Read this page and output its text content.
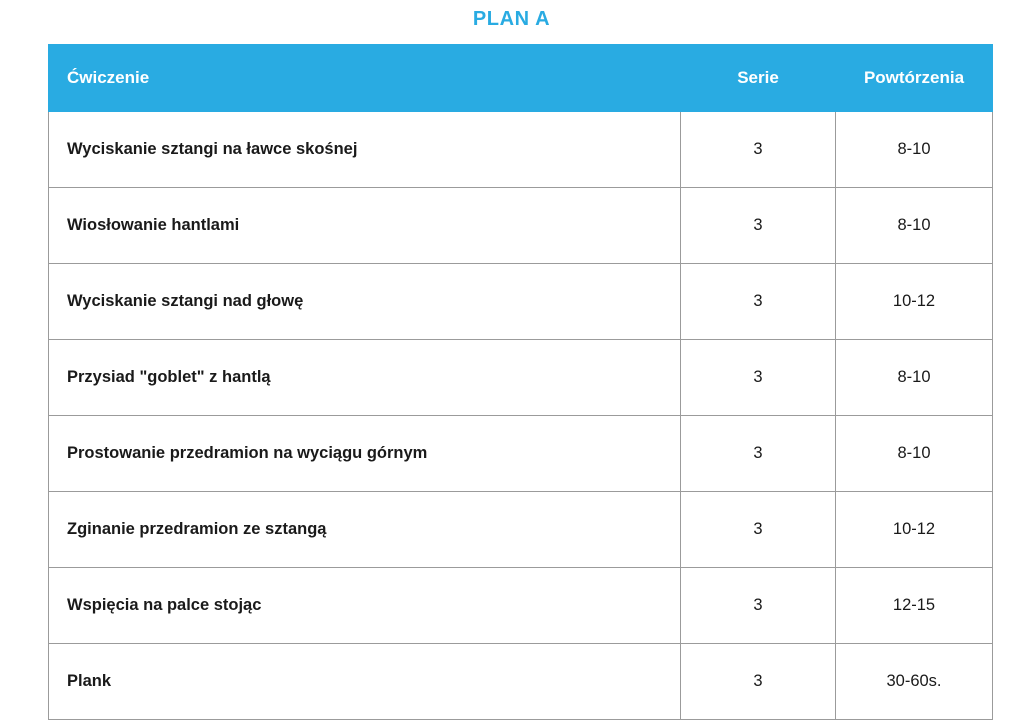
PLAN A
Ćwiczenie	Serie	Powtórzenia
Wyciskanie sztangi na ławce skośnej	3	8-10
Wiosłowanie hantlami	3	8-10
Wyciskanie sztangi nad głowę	3	10-12
Przysiad "goblet" z hantlą	3	8-10
Prostowanie przedramion na wyciągu górnym	3	8-10
Zginanie przedramion ze sztangą	3	10-12
Wspięcia na palce stojąc	3	12-15
Plank	3	30-60s.
